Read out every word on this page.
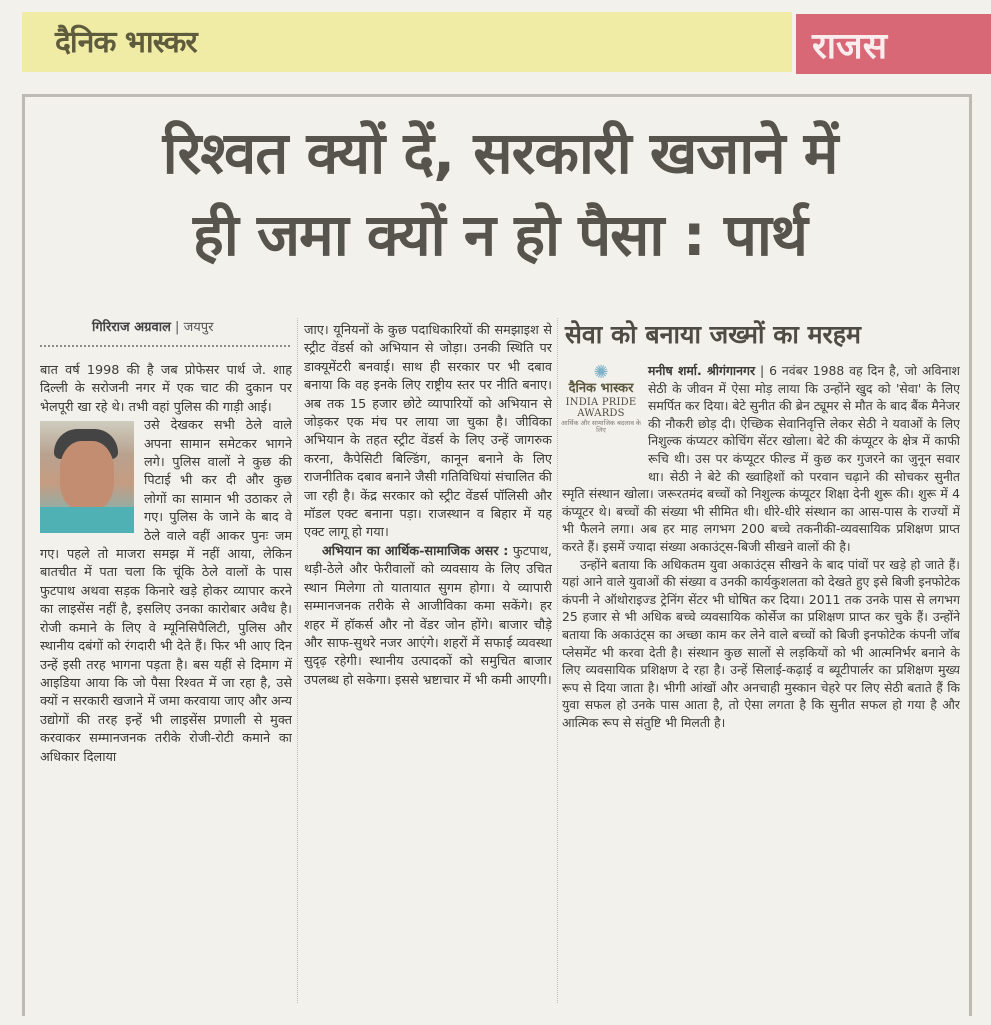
दैनिक भास्कर	राजस
रिश्वत क्यों दें, सरकारी खजाने में
ही जमा क्यों न हो पैसा : पार्थ
गिरिराज अग्रवाल | जयपुर

बात वर्ष 1998 की है जब प्रोफेसर पार्थ जे. शाह दिल्ली के सरोजनी नगर में एक चाट की दुकान पर भेलपूरी खा रहे थे। तभी वहां पुलिस की गाड़ी आई।

उसे देखकर सभी ठेले वाले अपना सामान समेटकर भागने लगे। पुलिस वालों ने कुछ की पिटाई भी कर दी और कुछ लोगों का सामान भी उठाकर ले गए। पुलिस के जाने के बाद वे ठेले वाले वहीं आकर पुनः जम गए। पहले तो माजरा समझ में नहीं आया, लेकिन बातचीत में पता चला कि चूंकि ठेले वालों के पास फुटपाथ अथवा सड़क किनारे खड़े होकर व्यापार करने का लाइसेंस नहीं है, इसलिए उनका कारोबार अवैध है। रोजी कमाने के लिए वे म्यूनिसिपैलिटी, पुलिस और स्थानीय दबंगों को रंगदारी भी देते हैं। फिर भी आए दिन उन्हें इसी तरह भागना पड़ता है। बस यहीं से दिमाग में आइडिया आया कि जो पैसा रिश्वत में जा रहा है, उसे क्यों न सरकारी खजाने में जमा करवाया जाए और अन्य उद्योगों की तरह इन्हें भी लाइसेंस प्रणाली से मुक्त करवाकर सम्मानजनक तरीके रोजी-रोटी कमाने का अधिकार दिलाया

जाए। यूनियनों के कुछ पदाधिकारियों की समझाइश से स्ट्रीट वेंडर्स को अभियान से जोड़ा। उनकी स्थिति पर डाक्यूमेंटरी बनवाई। साथ ही सरकार पर भी दबाव बनाया कि वह इनके लिए राष्ट्रीय स्तर पर नीति बनाए। अब तक 15 हजार छोटे व्यापारियों को अभियान से जोड़कर एक मंच पर लाया जा चुका है। जीविका अभियान के तहत स्ट्रीट वेंडर्स के लिए उन्हें जागरुक करना, कैपेसिटी बिल्डिंग, कानून बनाने के लिए राजनीतिक दबाव बनाने जैसी गतिविधियां संचालित की जा रही है। केंद्र सरकार को स्ट्रीट वेंडर्स पॉलिसी और मॉडल एक्ट बनाना पड़ा। राजस्थान व बिहार में यह एक्ट लागू हो गया।

अभियान का आर्थिक-सामाजिक असर : फुटपाथ, थड़ी-ठेले और फेरीवालों को व्यवसाय के लिए उचित स्थान मिलेगा तो यातायात सुगम होगा। ये व्यापारी सम्मानजनक तरीके से आजीविका कमा सकेंगे। हर शहर में हॉकर्स और नो वेंडर जोन होंगे। बाजार चौड़े और साफ-सुथरे नजर आएंगे। शहरों में सफाई व्यवस्था सुदृढ़ रहेगी। स्थानीय उत्पादकों को समुचित बाजार उपलब्ध हो सकेगा। इससे भ्रष्टाचार में भी कमी आएगी।

सेवा को बनाया जख्मों का मरहम

मनीष शर्मा. श्रीगंगानगर | 6 नवंबर 1988 वह दिन है, जो अविनाश सेठी के जीवन में ऐसा मोड़ लाया कि उन्होंने खुद को 'सेवा' के लिए समर्पित कर दिया। बेटे सुनीत की ब्रेन ट्यूमर से मौत के बाद बैंक मैनेजर की नौकरी छोड़ दी। ऐच्छिक सेवानिवृत्ति लेकर सेठी ने यवाओं के लिए निशुल्क कंप्यटर कोचिंग सेंटर खोला। बेटे की कंप्यूटर के क्षेत्र में काफी रूचि थी। उस पर कंप्यूटर फील्ड में कुछ कर गुजरने का जुनून सवार था। सेठी ने बेटे की ख्वाहिशों को परवान चढ़ाने की सोचकर सुनीत स्मृति संस्थान खोला। जरूरतमंद बच्चों को निशुल्क कंप्यूटर शिक्षा देनी शुरू की। शुरू में 4 कंप्यूटर थे। बच्चों की संख्या भी सीमित थी। धीरे-धीरे संस्थान का आस-पास के राज्यों में भी फैलने लगा। अब हर माह लगभग 200 बच्चे तकनीकी-व्यवसायिक प्रशिक्षण प्राप्त करते हैं। इसमें ज्यादा संख्या अकाउंट्स-बिजी सीखने वालों की है।

उन्होंने बताया कि अधिकतम युवा अकाउंट्स सीखने के बाद पांवों पर खड़े हो जाते हैं। यहां आने वाले युवाओं की संख्या व उनकी कार्यकुशलता को देखते हुए इसे बिजी इनफोटेक कंपनी ने ऑथोराइज्ड ट्रेनिंग सेंटर भी घोषित कर दिया। 2011 तक उनके पास से लगभग 25 हजार से भी अधिक बच्चे व्यवसायिक कोर्सेज का प्रशिक्षण प्राप्त कर चुके हैं। उन्होंने बताया कि अकाउंट्स का अच्छा काम कर लेने वाले बच्चों को बिजी इनफोटेक कंपनी जॉब प्लेसमेंट भी करवा देती है। संस्थान कुछ सालों से लड़कियों को भी आत्मनिर्भर बनाने के लिए व्यवसायिक प्रशिक्षण दे रहा है। उन्हें सिलाई-कढ़ाई व ब्यूटीपार्लर का प्रशिक्षण मुख्य रूप से दिया जाता है। भीगी आंखों और अनचाही मुस्कान चेहरे पर लिए सेठी बताते हैं कि युवा सफल हो उनके पास आता है, तो ऐसा लगता है कि सुनीत सफल हो गया है और आत्मिक रूप से संतुष्टि भी मिलती है।

✺
दैनिक भास्कर
INDIA PRIDE AWARDS
आर्थिक और सामाजिक बदलाव के लिए
